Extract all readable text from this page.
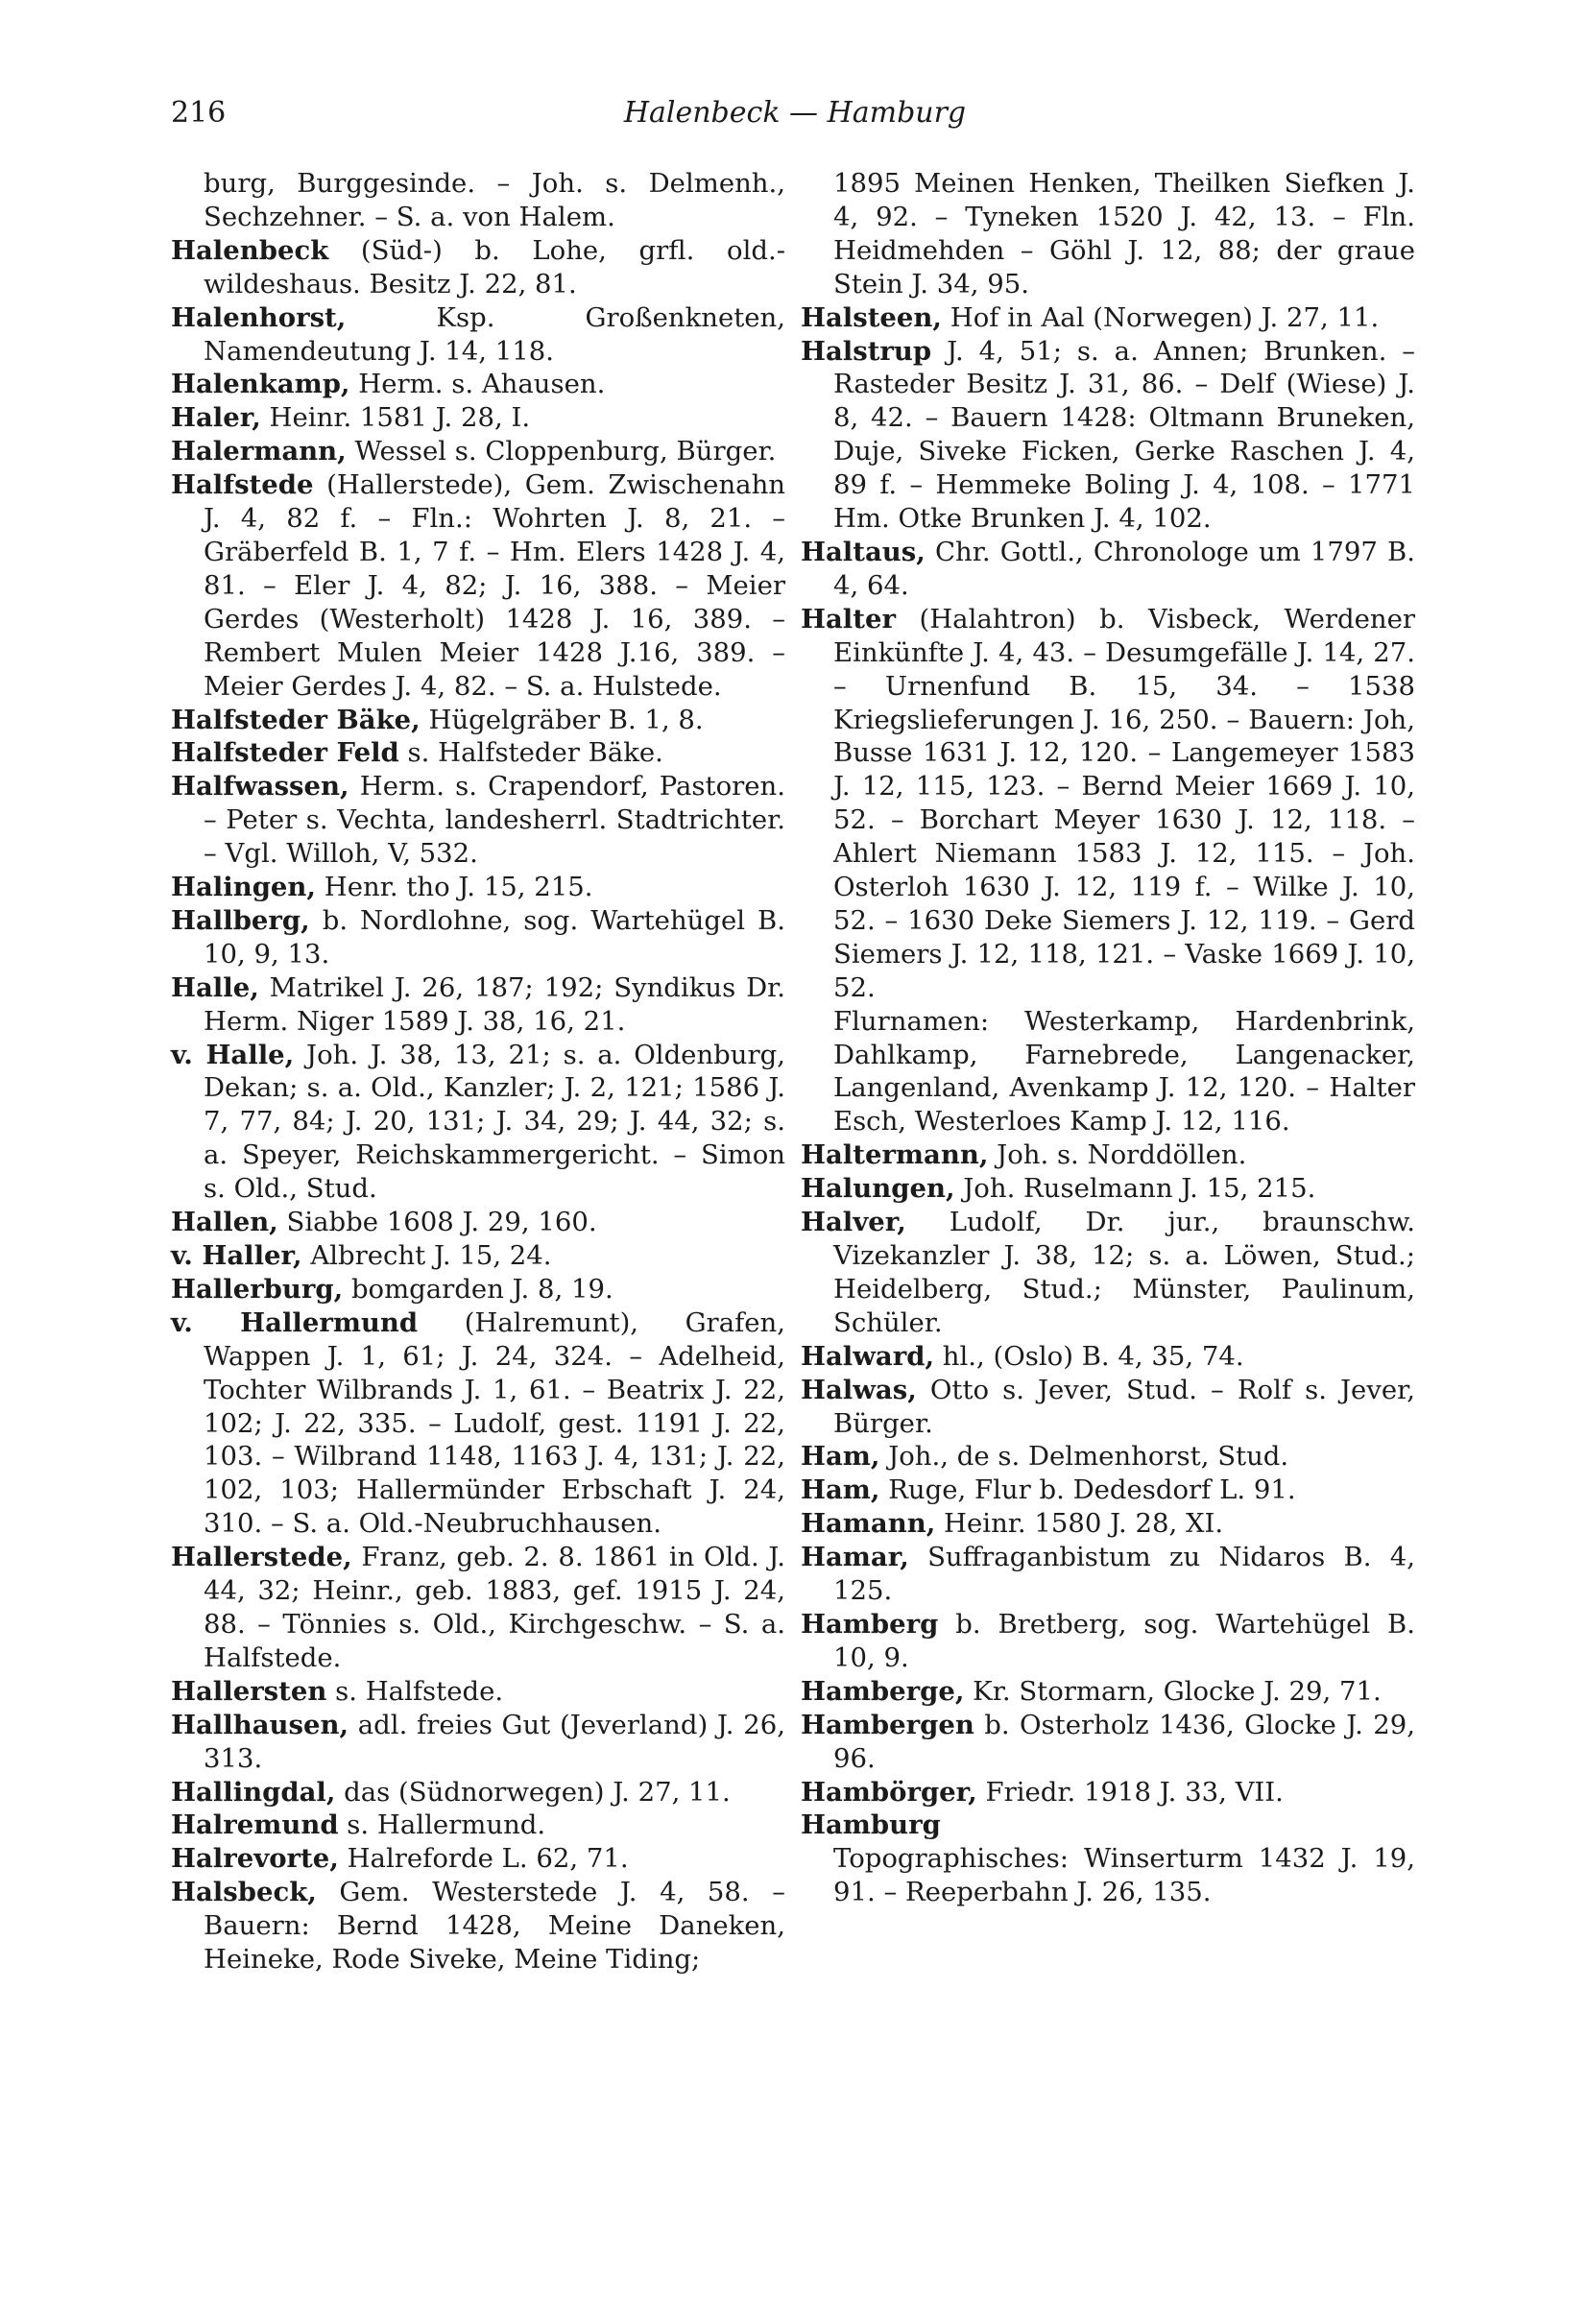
216	Halenbeck — Hamburg

burg, Burggesinde. – Joh. s. Delmenh., Sechzehner. – S. a. von Halem.

Halenbeck (Süd-) b. Lohe, grfl. old.-wildeshaus. Besitz J. 22, 81.

Halenhorst, Ksp. Großenkneten, Namendeutung J. 14, 118.

Halenkamp, Herm. s. Ahausen.

Haler, Heinr. 1581 J. 28, I.

Halermann, Wessel s. Cloppenburg, Bürger.

Halfstede (Hallerstede), Gem. Zwischenahn J. 4, 82 f. – Fln.: Wohrten J. 8, 21. – Gräberfeld B. 1, 7 f. – Hm. Elers 1428 J. 4, 81. – Eler J. 4, 82; J. 16, 388. – Meier Gerdes (Westerholt) 1428 J. 16, 389. – Rembert Mulen Meier 1428 J.16, 389. – Meier Gerdes J. 4, 82. – S. a. Hulstede.

Halfsteder Bäke, Hügelgräber B. 1, 8.

Halfsteder Feld s. Halfsteder Bäke.

Halfwassen, Herm. s. Crapendorf, Pastoren. – Peter s. Vechta, landesherrl. Stadtrichter. – Vgl. Willoh, V, 532.

Halingen, Henr. tho J. 15, 215.

Hallberg, b. Nordlohne, sog. Wartehügel B. 10, 9, 13.

Halle, Matrikel J. 26, 187; 192; Syndikus Dr. Herm. Niger 1589 J. 38, 16, 21.

v. Halle, Joh. J. 38, 13, 21; s. a. Oldenburg, Dekan; s. a. Old., Kanzler; J. 2, 121; 1586 J. 7, 77, 84; J. 20, 131; J. 34, 29; J. 44, 32; s. a. Speyer, Reichskammergericht. – Simon s. Old., Stud.

Hallen, Siabbe 1608 J. 29, 160.

v. Haller, Albrecht J. 15, 24.

Hallerburg, bomgarden J. 8, 19.

v. Hallermund (Halremunt), Grafen, Wappen J. 1, 61; J. 24, 324. – Adelheid, Tochter Wilbrands J. 1, 61. – Beatrix J. 22, 102; J. 22, 335. – Ludolf, gest. 1191 J. 22, 103. – Wilbrand 1148, 1163 J. 4, 131; J. 22, 102, 103; Hallermünder Erbschaft J. 24, 310. – S. a. Old.-Neubruchhausen.

Hallerstede, Franz, geb. 2. 8. 1861 in Old. J. 44, 32; Heinr., geb. 1883, gef. 1915 J. 24, 88. – Tönnies s. Old., Kirchgeschw. – S. a. Halfstede.

Hallersten s. Halfstede.

Hallhausen, adl. freies Gut (Jeverland) J. 26, 313.

Hallingdal, das (Südnorwegen) J. 27, 11.

Halremund s. Hallermund.

Halrevorte, Halreforde L. 62, 71.

Halsbeck, Gem. Westerstede J. 4, 58. – Bauern: Bernd 1428, Meine Daneken, Heineke, Rode Siveke, Meine Tiding;

1895 Meinen Henken, Theilken Siefken J. 4, 92. – Tyneken 1520 J. 42, 13. – Fln. Heidmehden – Göhl J. 12, 88; der graue Stein J. 34, 95.

Halsteen, Hof in Aal (Norwegen) J. 27, 11.

Halstrup J. 4, 51; s. a. Annen; Brunken. – Rasteder Besitz J. 31, 86. – Delf (Wiese) J. 8, 42. – Bauern 1428: Oltmann Bruneken, Duje, Siveke Ficken, Gerke Raschen J. 4, 89 f. – Hemmeke Boling J. 4, 108. – 1771 Hm. Otke Brunken J. 4, 102.

Haltaus, Chr. Gottl., Chronologe um 1797 B. 4, 64.

Halter (Halahtron) b. Visbeck, Werdener Einkünfte J. 4, 43. – Desumgefälle J. 14, 27. – Urnenfund B. 15, 34. – 1538 Kriegslieferungen J. 16, 250. – Bauern: Joh, Busse 1631 J. 12, 120. – Langemeyer 1583 J. 12, 115, 123. – Bernd Meier 1669 J. 10, 52. – Borchart Meyer 1630 J. 12, 118. – Ahlert Niemann 1583 J. 12, 115. – Joh. Osterloh 1630 J. 12, 119 f. – Wilke J. 10, 52. – 1630 Deke Siemers J. 12, 119. – Gerd Siemers J. 12, 118, 121. – Vaske 1669 J. 10, 52.

Flurnamen: Westerkamp, Hardenbrink, Dahlkamp, Farnebrede, Langenacker, Langenland, Avenkamp J. 12, 120. – Halter Esch, Westerloes Kamp J. 12, 116.

Haltermann, Joh. s. Norddöllen.

Halungen, Joh. Ruselmann J. 15, 215.

Halver, Ludolf, Dr. jur., braunschw. Vizekanzler J. 38, 12; s. a. Löwen, Stud.; Heidelberg, Stud.; Münster, Paulinum, Schüler.

Halward, hl., (Oslo) B. 4, 35, 74.

Halwas, Otto s. Jever, Stud. – Rolf s. Jever, Bürger.

Ham, Joh., de s. Delmenhorst, Stud.

Ham, Ruge, Flur b. Dedesdorf L. 91.

Hamann, Heinr. 1580 J. 28, XI.

Hamar, Suffraganbistum zu Nidaros B. 4, 125.

Hamberg b. Bretberg, sog. Wartehügel B. 10, 9.

Hamberge, Kr. Stormarn, Glocke J. 29, 71.

Hambergen b. Osterholz 1436, Glocke J. 29, 96.

Hambörger, Friedr. 1918 J. 33, VII.

Hamburg

Topographisches: Winserturm 1432 J. 19, 91. – Reeperbahn J. 26, 135.
